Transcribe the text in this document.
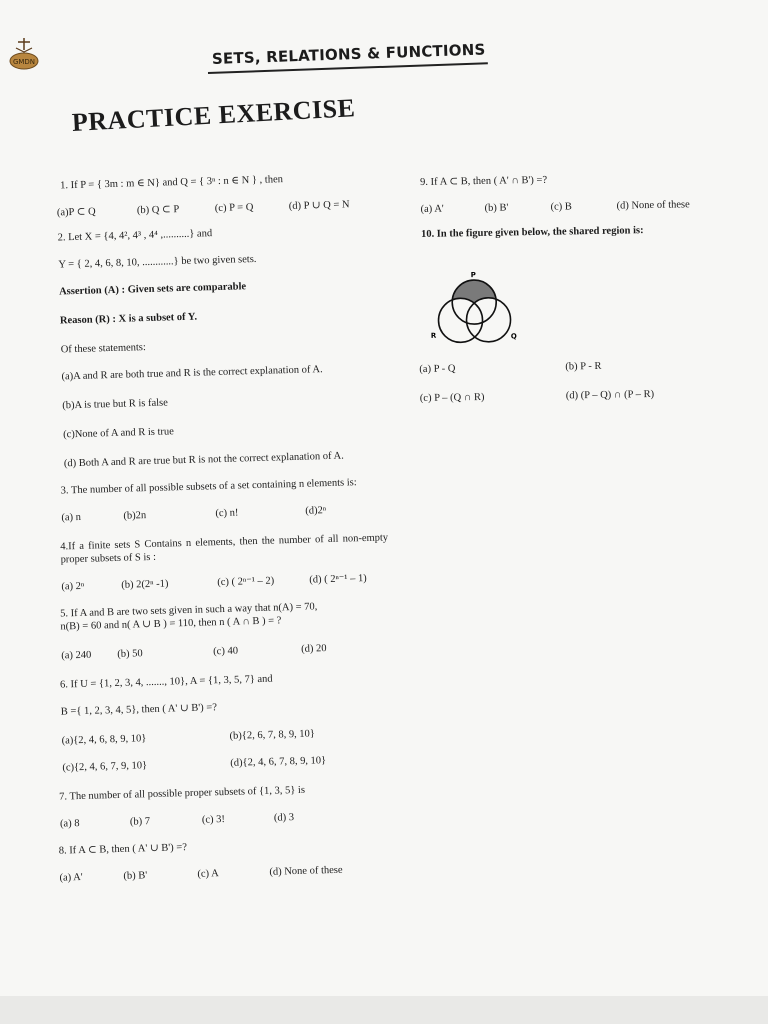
GMDN	SETS, RELATIONS & FUNCTIONS
PRACTICE EXERCISE
1. If P = { 3m : m ∈ N} and Q = { 3ⁿ : n ∈ N } , then
(a)P ⊂ Q	(b) Q ⊂ P	(c) P = Q	(d) P ∪ Q = N
2. Let X = {4, 4², 4³ , 4⁴ ,..........} and
Y = { 2, 4, 6, 8, 10, ............} be two given sets.
Assertion (A) : Given sets are comparable
Reason (R) : X is a subset of Y.
Of these statements:
(a)A and R are both true and R is the correct explanation of A.
(b)A is true but R is false
(c)None of A and R is true
(d) Both A and R are true but R is not the correct explanation of A.
3. The number of all possible subsets of a set containing n elements is:
(a) n	(b)2n	(c) n!	(d)2ⁿ
4.If a finite sets S Contains n elements, then the number of all non-empty proper subsets of S is :
(a) 2ⁿ	(b) 2(2ⁿ -1)	(c) ( 2ⁿ⁻¹ – 2)	(d) ( 2ⁿ⁻¹ – 1)
5. If A and B are two sets given in such a way that n(A) = 70,
n(B) = 60 and n( A ∪ B ) = 110, then n ( A ∩ B ) = ?
(a) 240	(b) 50	(c) 40	(d) 20
6. If U = {1, 2, 3, 4, ......., 10}, A = {1, 3, 5, 7} and
B ={ 1, 2, 3, 4, 5}, then ( A' ∪ B') =?
(a){2, 4, 6, 8, 9, 10}	(b){2, 6, 7, 8, 9, 10}
(c){2, 4, 6, 7, 9, 10}	(d){2, 4, 6, 7, 8, 9, 10}
7. The number of all possible proper subsets of {1, 3, 5} is
(a) 8	(b) 7	(c) 3!	(d) 3
8. If A ⊂ B, then ( A' ∪ B') =?
(a) A'	(b) B'	(c) A	(d) None of these
9. If A ⊂ B, then ( A' ∩ B') =?
(a) A'	(b) B'	(c) B	(d) None of these
10. In the figure given below, the shared region is:
P
R	Q
(a) P - Q	(b) P - R
(c) P – (Q ∩ R)	(d) (P – Q) ∩ (P – R)
